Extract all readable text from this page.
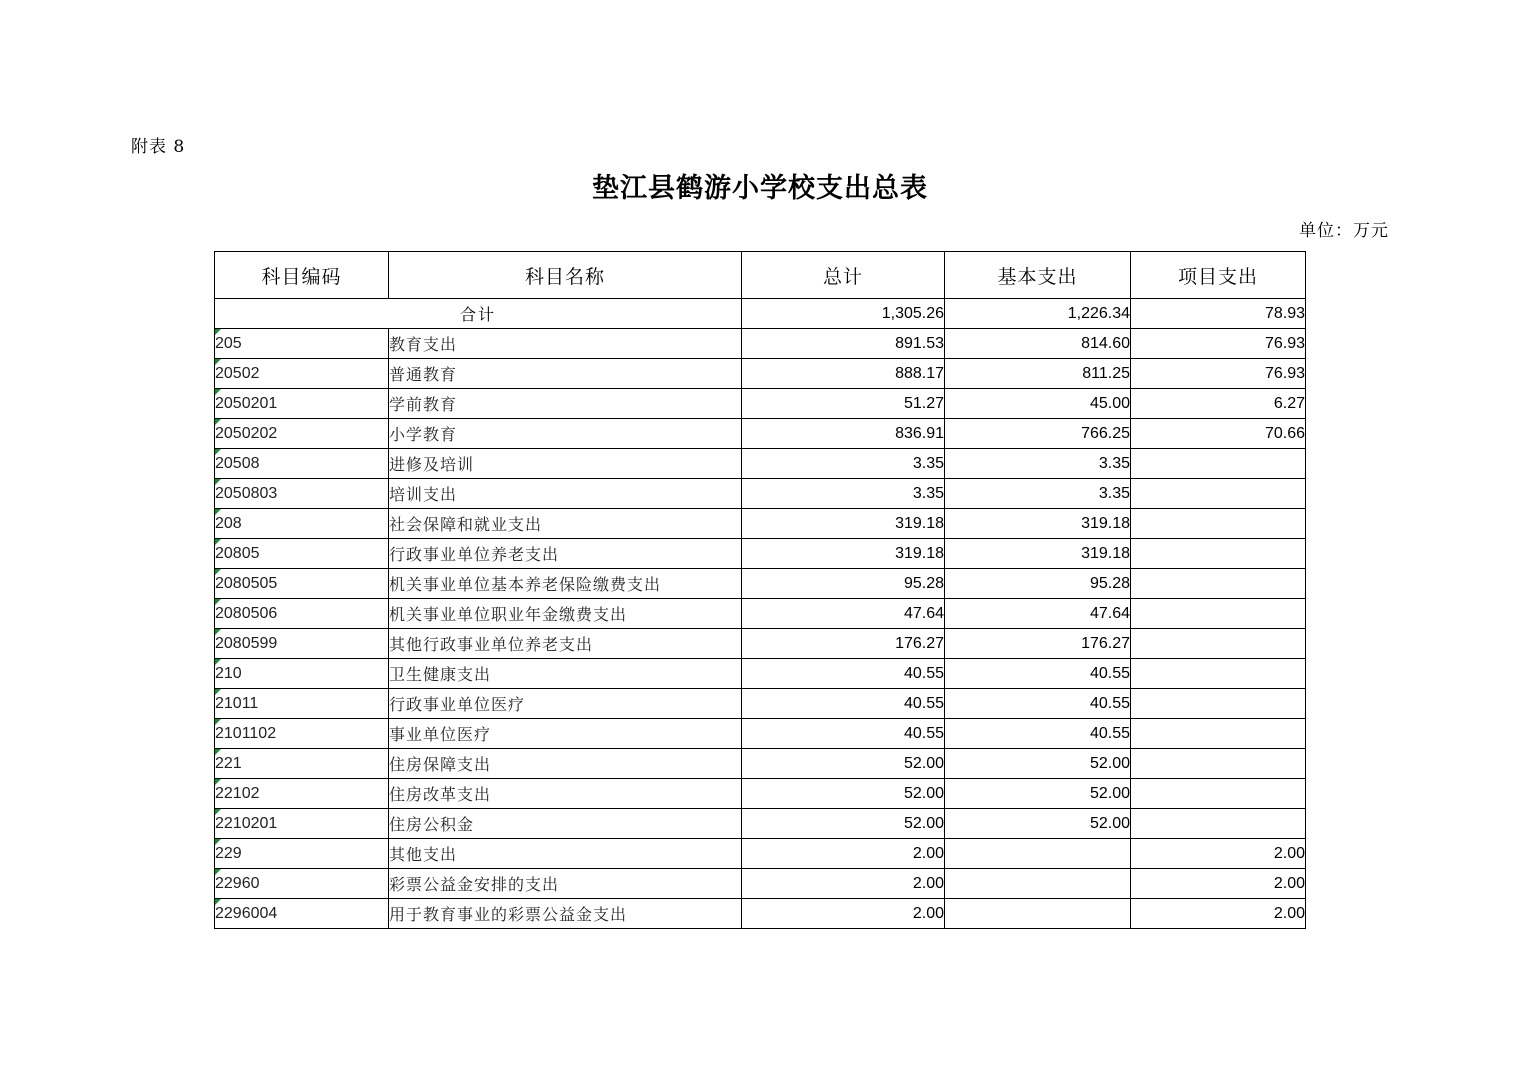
附表 8
垫江县鹤游小学校支出总表
单位：万元
科目编码	科目名称	总计	基本支出	项目支出
合计		1,305.26	1,226.34	78.93
205	教育支出	891.53	814.60	76.93
20502	普通教育	888.17	811.25	76.93
2050201	学前教育	51.27	45.00	6.27
2050202	小学教育	836.91	766.25	70.66
20508	进修及培训	3.35	3.35	
2050803	培训支出	3.35	3.35	
208	社会保障和就业支出	319.18	319.18	
20805	行政事业单位养老支出	319.18	319.18	
2080505	机关事业单位基本养老保险缴费支出	95.28	95.28	
2080506	机关事业单位职业年金缴费支出	47.64	47.64	
2080599	其他行政事业单位养老支出	176.27	176.27	
210	卫生健康支出	40.55	40.55	
21011	行政事业单位医疗	40.55	40.55	
2101102	事业单位医疗	40.55	40.55	
221	住房保障支出	52.00	52.00	
22102	住房改革支出	52.00	52.00	
2210201	住房公积金	52.00	52.00	
229	其他支出	2.00		2.00
22960	彩票公益金安排的支出	2.00		2.00
2296004	用于教育事业的彩票公益金支出	2.00		2.00
